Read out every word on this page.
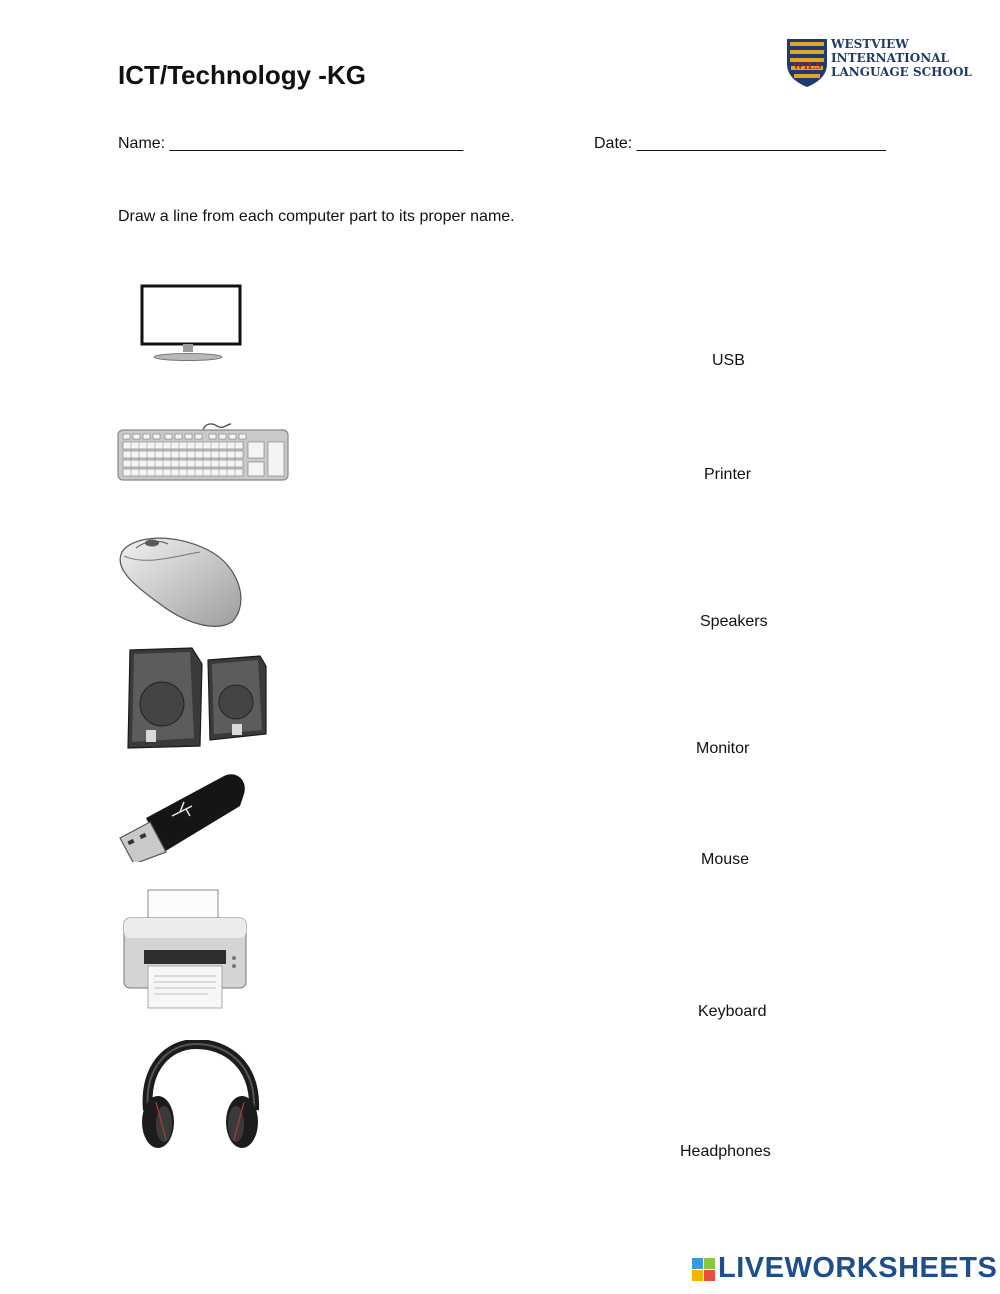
ICT/Technology -KG	WILS
WESTVIEW
INTERNATIONAL
LANGUAGE SCHOOL
Name: _________________________________	Date: ____________________________
Draw a line from each computer part to its proper name.
USB
Printer
Speakers
Monitor
Mouse
Keyboard
Headphones
LIVEWORKSHEETS
